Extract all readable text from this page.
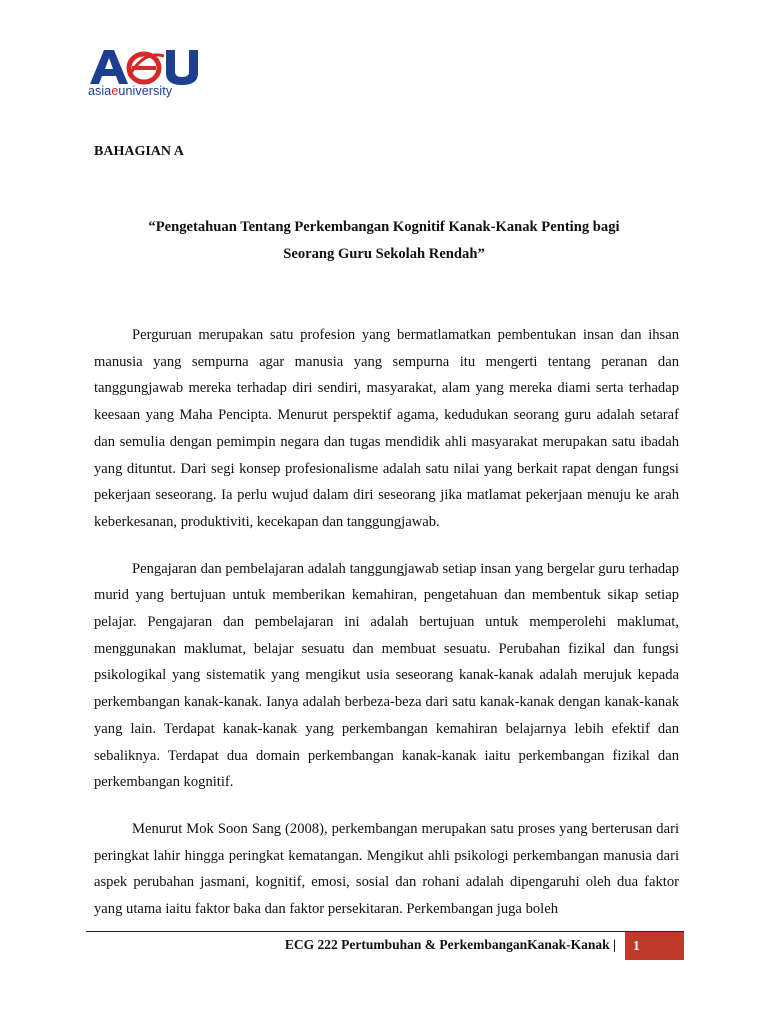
asiaeuniversity
BAHAGIAN A
“Pengetahuan Tentang Perkembangan Kognitif Kanak-Kanak Penting bagi
Seorang Guru Sekolah Rendah”

Perguruan merupakan satu profesion yang bermatlamatkan pembentukan insan dan ihsan manusia yang sempurna agar manusia yang sempurna itu mengerti tentang peranan dan tanggungjawab mereka terhadap diri sendiri, masyarakat, alam yang mereka diami serta terhadap keesaan yang Maha Pencipta. Menurut perspektif agama, kedudukan seorang guru adalah setaraf dan semulia dengan pemimpin negara dan tugas mendidik ahli masyarakat merupakan satu ibadah yang dituntut. Dari segi konsep profesionalisme adalah satu nilai yang berkait rapat dengan fungsi pekerjaan seseorang. Ia perlu wujud dalam diri seseorang jika matlamat pekerjaan menuju ke arah keberkesanan, produktiviti, kecekapan dan tanggungjawab.

Pengajaran dan pembelajaran adalah tanggungjawab setiap insan yang bergelar guru terhadap murid yang bertujuan untuk memberikan kemahiran, pengetahuan dan membentuk sikap setiap pelajar. Pengajaran dan pembelajaran ini adalah bertujuan untuk memperolehi maklumat, menggunakan maklumat, belajar sesuatu dan membuat sesuatu. Perubahan fizikal dan fungsi psikologikal yang sistematik yang mengikut usia seseorang kanak-kanak adalah merujuk kepada perkembangan kanak-kanak. Ianya adalah berbeza-beza dari satu kanak-kanak dengan kanak-kanak yang lain. Terdapat kanak-kanak yang perkembangan kemahiran belajarnya lebih efektif dan sebaliknya. Terdapat dua domain perkembangan kanak-kanak iaitu perkembangan fizikal dan perkembangan kognitif.

Menurut Mok Soon Sang (2008), perkembangan merupakan satu proses yang berterusan dari peringkat lahir hingga peringkat kematangan. Mengikut ahli psikologi perkembangan manusia dari aspek perubahan jasmani, kognitif, emosi, sosial dan rohani adalah dipengaruhi oleh dua faktor yang utama iaitu faktor baka dan faktor persekitaran. Perkembangan juga boleh

ECG 222 Pertumbuhan & PerkembanganKanak-Kanak |	1
